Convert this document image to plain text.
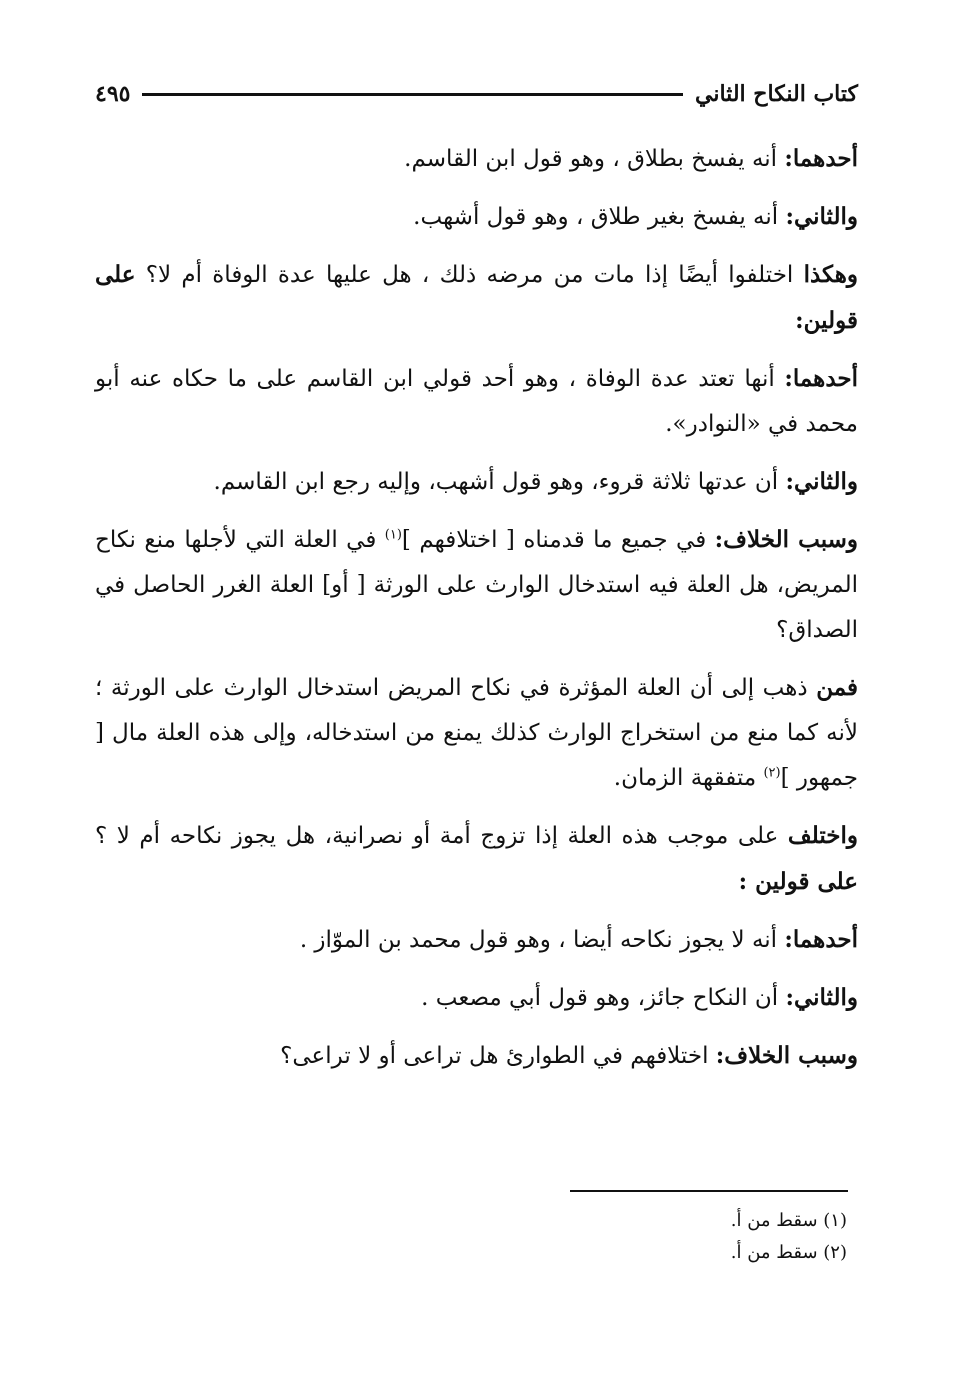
كتاب النكاح الثاني
٤٩٥

أحدهما: أنه يفسخ بطلاق ، وهو قول ابن القاسم.

والثاني: أنه يفسخ بغير طلاق ، وهو قول أشهب.

وهكذا اختلفوا أيضًا إذا مات من مرضه ذلك ، هل عليها عدة الوفاة أم لا؟ على قولين:

أحدهما: أنها تعتد عدة الوفاة ، وهو أحد قولي ابن القاسم على ما حكاه عنه أبو محمد في «النوادر».

والثاني: أن عدتها ثلاثة قروء، وهو قول أشهب، وإليه رجع ابن القاسم.

وسبب الخلاف: في جميع ما قدمناه [ اختلافهم ]$^{(١)}$ في العلة التي لأجلها منع نكاح المريض، هل العلة فيه استدخال الوارث على الورثة [ أو] العلة الغرر الحاصل في الصداق؟

فمن ذهب إلى أن العلة المؤثرة في نكاح المريض استدخال الوارث على الورثة ؛ لأنه كما منع من استخراج الوارث كذلك يمنع من استدخاله، وإلى هذه العلة مال [ جمهور ]$^{(٢)}$ متفقهة الزمان.

واختلف على موجب هذه العلة إذا تزوج أمة أو نصرانية، هل يجوز نكاحه أم لا ؟ على قولين :

أحدهما: أنه لا يجوز نكاحه أيضا ، وهو قول محمد بن الموّاز .

والثاني: أن النكاح جائز، وهو قول أبي مصعب .

وسبب الخلاف: اختلافهم في الطوارئ هل تراعى أو لا تراعى؟

(١) سقط من أ.
(٢) سقط من أ.
